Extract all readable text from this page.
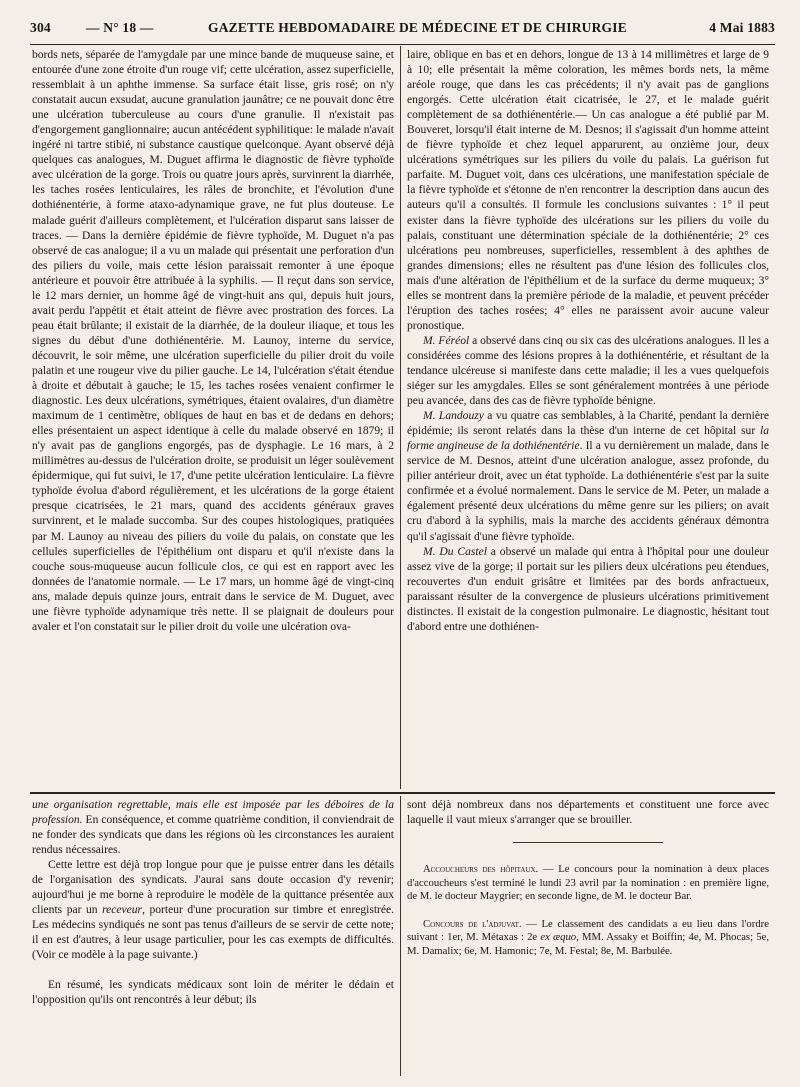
304	— N° 18 —	GAZETTE HEBDOMADAIRE DE MÉDECINE ET DE CHIRURGIE	4 Mai 1883

bords nets, séparée de l'amygdale par une mince bande de muqueuse saine, et entourée d'une zone étroite d'un rouge vif; cette ulcération, assez superficielle, ressemblait à un aphthe immense. Sa surface était lisse, gris rosé; on n'y constatait aucun exsudat, aucune granulation jaunâtre; ce ne pouvait donc être une ulcération tuberculeuse au cours d'une granulie. Il n'existait pas d'engorgement ganglionnaire; aucun antécédent syphilitique: le malade n'avait ingéré ni tartre stibié, ni substance caustique quelconque. Ayant observé déjà quelques cas analogues, M. Duguet affirma le diagnostic de fièvre typhoïde avec ulcération de la gorge. Trois ou quatre jours après, survinrent la diarrhée, les taches rosées lenticulaires, les râles de bronchite, et l'évolution d'une dothiénentérie, à forme ataxo-adynamique grave, ne fut plus douteuse. Le malade guérit d'ailleurs complètement, et l'ulcération disparut sans laisser de traces. — Dans la dernière épidémie de fièvre typhoïde, M. Duguet n'a pas observé de cas analogue; il a vu un malade qui présentait une perforation d'un des piliers du voile, mais cette lésion paraissait remonter à une époque antérieure et pouvoir être attribuée à la syphilis. — Il reçut dans son service, le 12 mars dernier, un homme âgé de vingt-huit ans qui, depuis huit jours, avait perdu l'appétit et était atteint de fièvre avec prostration des forces. La peau était brûlante; il existait de la diarrhée, de la douleur iliaque, et tous les signes du début d'une dothiénentérie. M. Launoy, interne du service, découvrit, le soir même, une ulcération superficielle du pilier droit du voile palatin et une rougeur vive du pilier gauche. Le 14, l'ulcération s'était étendue à droite et débutait à gauche; le 15, les taches rosées venaient confirmer le diagnostic. Les deux ulcérations, symétriques, étaient ovalaires, d'un diamètre maximum de 1 centimètre, obliques de haut en bas et de dedans en dehors; elles présentaient un aspect identique à celle du malade observé en 1879; il n'y avait pas de ganglions engorgés, pas de dysphagie. Le 16 mars, à 2 millimètres au-dessus de l'ulcération droite, se produisit un léger soulèvement épidermique, qui fut suivi, le 17, d'une petite ulcération lenticulaire. La fièvre typhoïde évolua d'abord régulièrement, et les ulcérations de la gorge étaient presque cicatrisées, le 21 mars, quand des accidents généraux graves survinrent, et le malade succomba. Sur des coupes histologiques, pratiquées par M. Launoy au niveau des piliers du voile du palais, on constate que les cellules superficielles de l'épithélium ont disparu et qu'il n'existe dans la couche sous-muqueuse aucun follicule clos, ce qui est en rapport avec les données de l'anatomie normale. — Le 17 mars, un homme âgé de vingt-cinq ans, malade depuis quinze jours, entrait dans le service de M. Duguet, avec une fièvre typhoïde adynamique très nette. Il se plaignait de douleurs pour avaler et l'on constatait sur le pilier droit du voile une ulcération ova-

laire, oblique en bas et en dehors, longue de 13 à 14 millimètres et large de 9 à 10; elle présentait la même coloration, les mêmes bords nets, la même aréole rouge, que dans les cas précédents; il n'y avait pas de ganglions engorgés. Cette ulcération était cicatrisée, le 27, et le malade guérit complètement de sa dothiénentérie.— Un cas analogue a été publié par M. Bouveret, lorsqu'il était interne de M. Desnos; il s'agissait d'un homme atteint de fièvre typhoïde et chez lequel apparurent, au onzième jour, deux ulcérations symétriques sur les piliers du voile du palais. La guérison fut parfaite. M. Duguet voit, dans ces ulcérations, une manifestation spéciale de la fièvre typhoïde et s'étonne de n'en rencontrer la description dans aucun des auteurs qu'il a consultés. Il formule les conclusions suivantes : 1° il peut exister dans la fièvre typhoïde des ulcérations sur les piliers du voile du palais, constituant une détermination spéciale de la dothiénentérie; 2° ces ulcérations peu nombreuses, superficielles, ressemblent à des aphthes de grandes dimensions; elles ne résultent pas d'une lésion des follicules clos, mais d'une altération de l'épithélium et de la surface du derme muqueux; 3° elles se montrent dans la première période de la maladie, et peuvent précéder l'éruption des taches rosées; 4° elles ne paraissent avoir aucune valeur pronostique.

M. Féréol a observé dans cinq ou six cas des ulcérations analogues. Il les a considérées comme des lésions propres à la dothiénentérie, et résultant de la tendance ulcéreuse si manifeste dans cette maladie; il les a vues quelquefois siéger sur les amygdales. Elles se sont généralement montrées à une période peu avancée, dans des cas de fièvre typhoïde bénigne.

M. Landouzy a vu quatre cas semblables, à la Charité, pendant la dernière épidémie; ils seront relatés dans la thèse d'un interne de cet hôpital sur la forme angineuse de la dothiénentérie. Il a vu dernièrement un malade, dans le service de M. Desnos, atteint d'une ulcération analogue, assez profonde, du pilier antérieur droit, avec un état typhoïde. La dothiénentérie s'est par la suite confirmée et a évolué normalement. Dans le service de M. Peter, un malade a également présenté deux ulcérations du même genre sur les piliers; on avait cru d'abord à la syphilis, mais la marche des accidents généraux démontra qu'il s'agissait d'une fièvre typhoïde.

M. Du Castel a observé un malade qui entra à l'hôpital pour une douleur assez vive de la gorge; il portait sur les piliers deux ulcérations peu étendues, recouvertes d'un enduit grisâtre et limitées par des bords anfractueux, paraissant résulter de la convergence de plusieurs ulcérations primitivement distinctes. Il existait de la congestion pulmonaire. Le diagnostic, hésitant tout d'abord entre une dothiénen-

une organisation regrettable, mais elle est imposée par les déboires de la profession. En conséquence, et comme quatrième condition, il conviendrait de ne fonder des syndicats que dans les régions où les circonstances les auraient rendus nécessaires.

Cette lettre est déjà trop longue pour que je puisse entrer dans les détails de l'organisation des syndicats. J'aurai sans doute occasion d'y revenir; aujourd'hui je me borne à reproduire le modèle de la quittance présentée aux clients par un receveur, porteur d'une procuration sur timbre et enregistrée. Les médecins syndiqués ne sont pas tenus d'ailleurs de se servir de cette note; il en est d'autres, à leur usage particulier, pour les cas exempts de difficultés. (Voir ce modèle à la page suivante.)

En résumé, les syndicats médicaux sont loin de mériter le dédain et l'opposition qu'ils ont rencontrés à leur début; ils

sont déjà nombreux dans nos départements et constituent une force avec laquelle il vaut mieux s'arranger que se brouiller.

Accoucheurs des hôpitaux. — Le concours pour la nomination à deux places d'accoucheurs s'est terminé le lundi 23 avril par la nomination : en première ligne, de M. le docteur Maygrier; en seconde ligne, de M. le docteur Bar.

Concours de l'adjuvat. — Le classement des candidats a eu lieu dans l'ordre suivant : 1er, M. Métaxas : 2e ex æquo, MM. Assaky et Boiffin; 4e, M. Phocas; 5e, M. Damalix; 6e, M. Hamonic; 7e, M. Festal; 8e, M. Barbulée.
